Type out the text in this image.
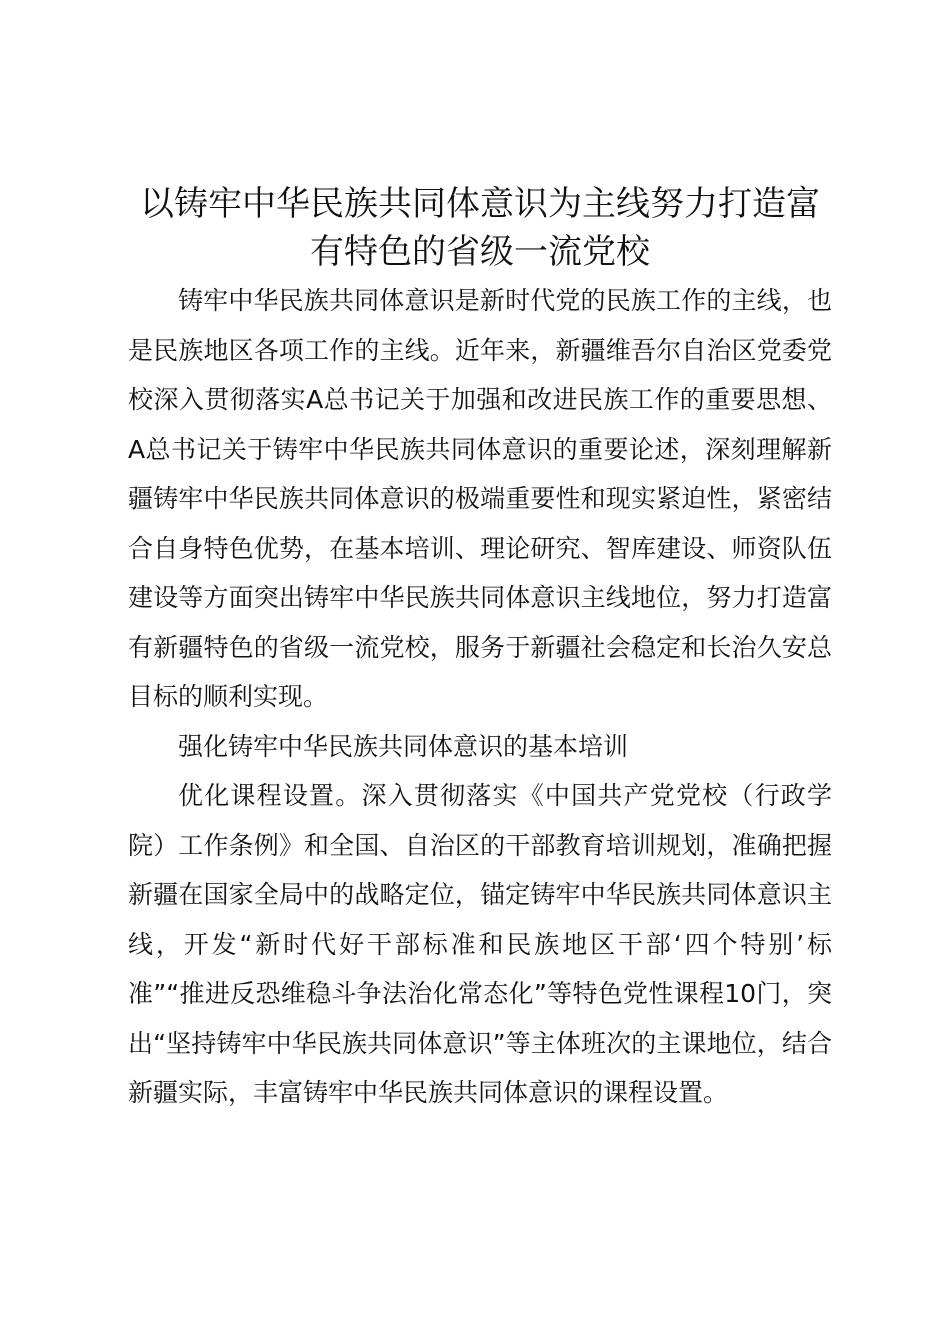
以铸牢中华民族共同体意识为主线努力打造富有特色的省级一流党校

铸牢中华民族共同体意识是新时代党的民族工作的主线，也是民族地区各项工作的主线。近年来，新疆维吾尔自治区党委党校深入贯彻落实A总书记关于加强和改进民族工作的重要思想、A总书记关于铸牢中华民族共同体意识的重要论述，深刻理解新疆铸牢中华民族共同体意识的极端重要性和现实紧迫性，紧密结合自身特色优势，在基本培训、理论研究、智库建设、师资队伍建设等方面突出铸牢中华民族共同体意识主线地位，努力打造富有新疆特色的省级一流党校，服务于新疆社会稳定和长治久安总目标的顺利实现。

强化铸牢中华民族共同体意识的基本培训

优化课程设置。深入贯彻落实《中国共产党党校（行政学院）工作条例》和全国、自治区的干部教育培训规划，准确把握新疆在国家全局中的战略定位，锚定铸牢中华民族共同体意识主线，开发“新时代好干部标准和民族地区干部‘四个特别’标准”“推进反恐维稳斗争法治化常态化”等特色党性课程10门，突出“坚持铸牢中华民族共同体意识”等主体班次的主课地位，结合新疆实际，丰富铸牢中华民族共同体意识的课程设置。
